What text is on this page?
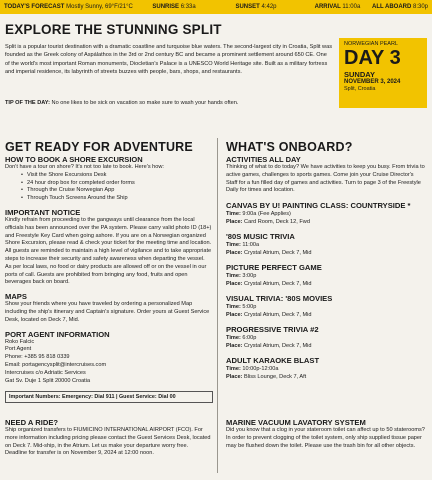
TODAY'S FORECAST Mostly Sunny, 69°F/21°C	SUNRISE 6:33a	SUNSET 4:42p	ARRIVAL 11:00a	ALL ABOARD 8:30p
EXPLORE THE STUNNING SPLIT
Split is a popular tourist destination with a dramatic coastline and turquoise blue waters. The second-largest city in Croatia, Split was founded as the Greek colony of Aspálathos in the 3rd or 2nd century BC and became a prominent settlement around 650 CE. One of the world's most important Roman monuments, Diocletian's Palace is a UNESCO World Heritage site. Built as a military fortress and imperial residence, its labyrinth of streets buzzes with people, bars, shops, and restaurants.
TIP OF THE DAY: No one likes to be sick on vacation so make sure to wash your hands often.
NORWEGIAN PEARL
DAY 3
SUNDAY
NOVEMBER 3, 2024
Split, Croatia
GET READY FOR ADVENTURE
HOW TO BOOK A SHORE EXCURSION
Don't have a tour on shore? It's not too late to book. Here's how:
• Visit the Shore Excursions Desk
• 24 hour drop box for completed order forms
• Through the Cruise Norwegian App
• Through Touch Screens Around the Ship
IMPORTANT NOTICE
Kindly refrain from proceeding to the gangways until clearance from the local officials has been announced over the PA system. Please carry valid photo ID (18+) and Freestyle Key Card when going ashore. If you are on a Norwegian organized Shore Excursion, please read & check your ticket for the meeting time and location. All guests are reminded to maintain a high level of vigilance and to take appropriate steps to increase their security and safety awareness when departing the vessel.
As per local laws, no food or dairy products are allowed off or on the vessel in our ports of call. Guests are prohibited from bringing any food, fruits and open beverages back on board.
MAPS
Show your friends where you have traveled by ordering a personalized Map including the ship's itinerary and Captain's signature. Order yours at Guest Service Desk, located on Deck 7, Mid.
PORT AGENT INFORMATION
Roko Falcic
Port Agent
Phone: +385 95 818 0339
Email: portagencysplit@intercruises.com
Intercruises c/o Adriatic Services
Gat Sv. Duje 1 Split 20000 Croatia
Important Numbers: Emergency: Dial 911 | Guest Service: Dial 00
NEED A RIDE?
Ship organized transfers to FIUMICINO INTERNATIONAL AIRPORT (FCO). For more information including pricing please contact the Guest Services Desk, located on Deck 7. Mid-ship, in the Atrium. Let us make your departure worry free.
Deadline for transfer is on November 9, 2024 at 12:00 noon.
WHAT'S ONBOARD?
ACTIVITIES ALL DAY
Thinking of what to do today? We have activities to keep you busy. From trivia to active games, challenges to sports games. Come join your Cruise Director's Staff for a fun filled day of games and activities. Turn to page 3 of the Freestyle Daily for times and location.
CANVAS BY U! PAINTING CLASS: COUNTRYSIDE *
Time: 9:00a (Fee Applies)
Place: Card Room, Deck 12, Fwd
'80S MUSIC TRIVIA
Time: 11:00a
Place: Crystal Atrium, Deck 7, Mid
PICTURE PERFECT GAME
Time: 3:00p
Place: Crystal Atrium, Deck 7, Mid
VISUAL TRIVIA: '80S MOVIES
Time: 5:00p
Place: Crystal Atrium, Deck 7, Mid
PROGRESSIVE TRIVIA #2
Time: 6:00p
Place: Crystal Atrium, Deck 7, Mid
ADULT KARAOKE BLAST
Time: 10:00p-12:00a
Place: Bliss Lounge, Deck 7, Aft
MARINE VACUUM LAVATORY SYSTEM
Did you know that a clog in your stateroom toilet can affect up to 50 staterooms? In order to prevent clogging of the toilet system, only ship supplied tissue paper may be flushed down the toilet. Please use the trash bin for all other objects.
